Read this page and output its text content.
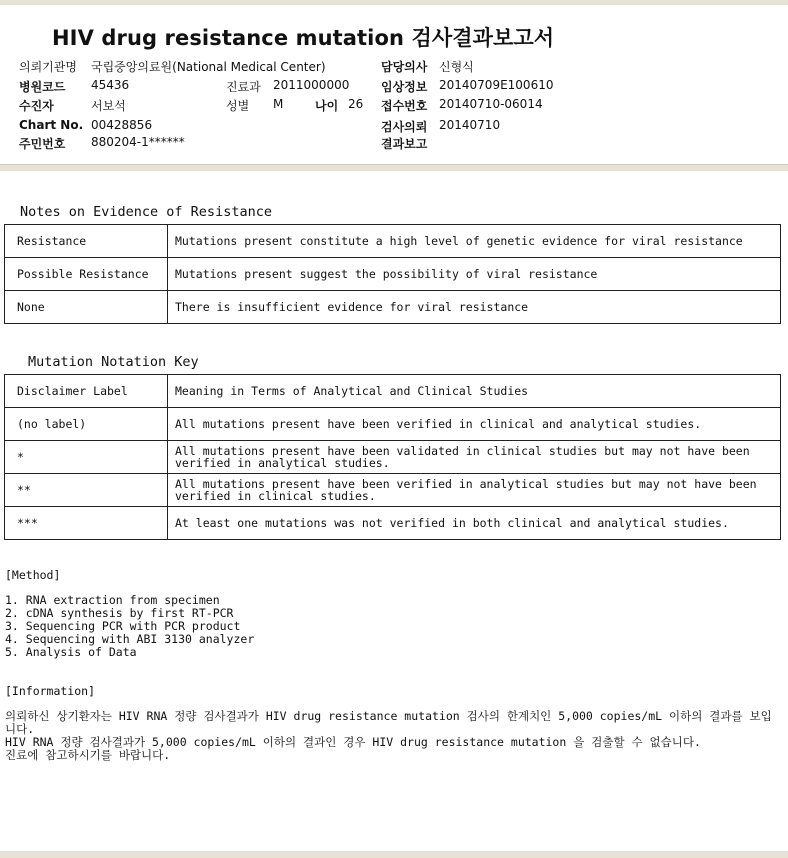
HIV drug resistance mutation 검사결과보고서
의뢰기관명 국립중앙의료원(National Medical Center)	담당의사 신형식
병원코드 45436	진료과 2011000000	임상정보 20140709E100610
수진자	서보석	성별 M	나이 26 접수번호 20140710-06014
Chart No. 00428856	검사의뢰 20140710
주민번호 880204-1******	결과보고
Notes on Evidence of Resistance
Resistance	Mutations present constitute a high level of genetic evidence for viral resistance
Possible Resistance	Mutations present suggest the possibility of viral resistance
None	There is insufficient evidence for viral resistance
Mutation Notation Key
Disclaimer Label	Meaning in Terms of Analytical and Clinical Studies
(no label)	All mutations present have been verified in clinical and analytical studies.
*	All mutations present have been validated in clinical studies but may not have been verified in analytical studies.
**	All mutations present have been verified in analytical studies but may not have been verified in clinical studies.
***	At least one mutations was not verified in both clinical and analytical studies.
[Method]
1. RNA extraction from specimen
2. cDNA synthesis by first RT-PCR
3. Sequencing PCR with PCR product
4. Sequencing with ABI 3130 analyzer
5. Analysis of Data
[Information]
의뢰하신 상기환자는 HIV RNA 정량 검사결과가 HIV drug resistance mutation 검사의 한계치인 5,000 copies/mL 이하의 결과를 보입니다.
HIV RNA 정량 검사결과가 5,000 copies/mL 이하의 결과인 경우 HIV drug resistance mutation 을 검출할 수 없습니다.
진료에 참고하시기를 바랍니다.
